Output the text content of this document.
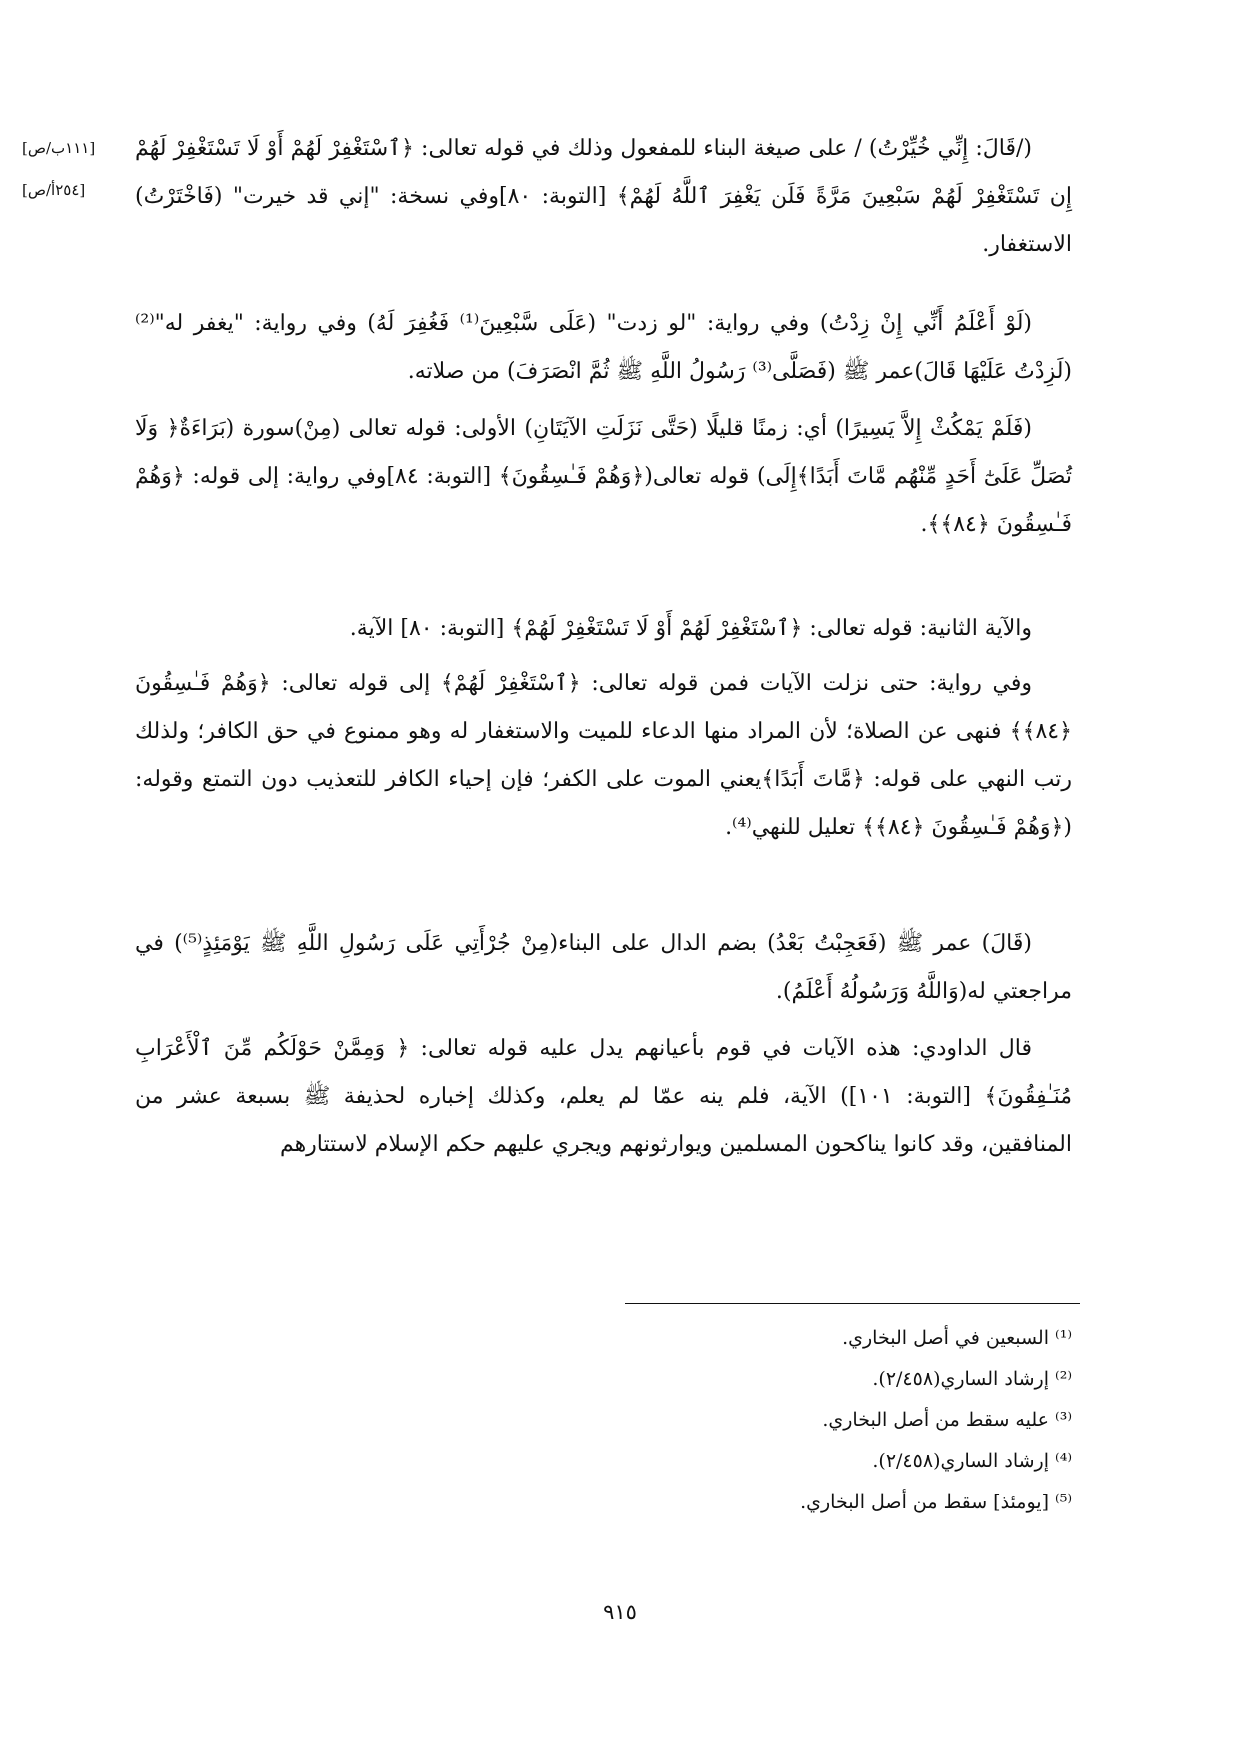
[١١١ب/ص]
[٢٥٤أ/ص]

(/قَالَ: إِنِّي خُيِّرْتُ) / على صيغة البناء للمفعول وذلك في قوله تعالى: ﴿ٱسْتَغْفِرْ لَهُمْ أَوْ لَا تَسْتَغْفِرْ لَهُمْ إِن تَسْتَغْفِرْ لَهُمْ سَبْعِينَ مَرَّةً فَلَن يَغْفِرَ ٱللَّهُ لَهُمْ﴾ [التوبة: ٨٠]وفي نسخة: "إني قد خيرت" (فَاخْتَرْتُ) الاستغفار.

(لَوْ أَعْلَمُ أَنِّي إِنْ زِدْتُ) وفي رواية: "لو زدت" (عَلَى سَّبْعِينَ⁽¹⁾ فَغُفِرَ لَهُ) وفي رواية: "يغفر له"⁽²⁾(لَزِدْتُ عَلَيْهَا قَالَ)عمر ﷺ (فَصَلَّى⁽³⁾ رَسُولُ اللَّهِ ﷺ ثُمَّ انْصَرَفَ) من صلاته.

(فَلَمْ يَمْكُثْ إِلاَّ يَسِيرًا) أي: زمنًا قليلًا (حَتَّى نَزَلَتِ الآيَتَانِ) الأولى: قوله تعالى (مِنْ)سورة (بَرَاءَةٌ﴿ وَلَا تُصَلِّ عَلَىٰٓ أَحَدٍ مِّنْهُم مَّاتَ أَبَدًا﴾إِلَى) قوله تعالى(﴿وَهُمْ فَـٰسِقُونَ﴾ [التوبة: ٨٤]وفي رواية: إلى قوله: ﴿وَهُمْ فَـٰسِقُونَ ﴿٨٤﴾﴾.

والآية الثانية: قوله تعالى: ﴿ٱسْتَغْفِرْ لَهُمْ أَوْ لَا تَسْتَغْفِرْ لَهُمْ﴾ [التوبة: ٨٠] الآية.

وفي رواية: حتى نزلت الآيات فمن قوله تعالى: ﴿ٱسْتَغْفِرْ لَهُمْ﴾ إلى قوله تعالى: ﴿وَهُمْ فَـٰسِقُونَ ﴿٨٤﴾﴾ فنهى عن الصلاة؛ لأن المراد منها الدعاء للميت والاستغفار له وهو ممنوع في حق الكافر؛ ولذلك رتب النهي على قوله: ﴿مَّاتَ أَبَدًا﴾يعني الموت على الكفر؛ فإن إحياء الكافر للتعذيب دون التمتع وقوله: (﴿وَهُمْ فَـٰسِقُونَ ﴿٨٤﴾﴾ تعليل للنهي⁽⁴⁾.

(قَالَ) عمر ﷺ (فَعَجِبْتُ بَعْدُ) بضم الدال على البناء(مِنْ جُرْأَتِي عَلَى رَسُولِ اللَّهِ ﷺ يَوْمَئِذٍ⁽⁵⁾) في مراجعتي له(وَاللَّهُ وَرَسُولُهُ أَعْلَمُ).

قال الداودي: هذه الآيات في قوم بأعيانهم يدل عليه قوله تعالى: ﴿ وَمِمَّنْ حَوْلَكُم مِّنَ ٱلْأَعْرَابِ مُنَـٰفِقُونَ﴾ [التوبة: ١٠١]) الآية، فلم ينه عمّا لم يعلم، وكذلك إخباره لحذيفة ﷺ بسبعة عشر من المنافقين، وقد كانوا يناكحون المسلمين ويوارثونهم ويجري عليهم حكم الإسلام لاستتارهم

⁽¹⁾ السبعين في أصل البخاري.

⁽²⁾ إرشاد الساري(٢/٤٥٨).

⁽³⁾ عليه سقط من أصل البخاري.

⁽⁴⁾ إرشاد الساري(٢/٤٥٨).

⁽⁵⁾ [يومئذ] سقط من أصل البخاري.

٩١٥
